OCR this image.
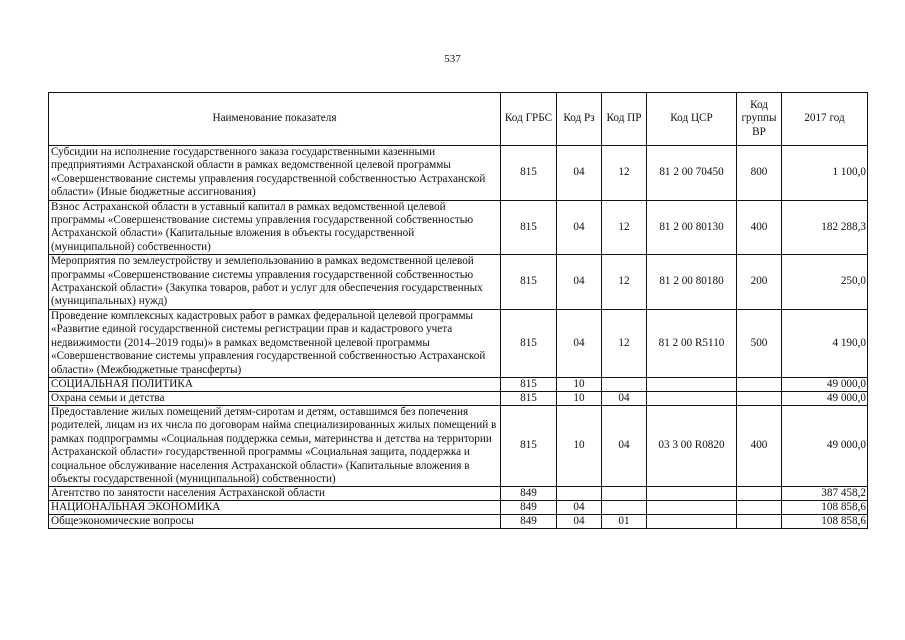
537
Наименование показателя	Код ГРБС	Код Рз	Код ПР	Код ЦСР	Код группы ВР	2017 год
Субсидии на исполнение государственного заказа государственными казенными предприятиями Астраханской области в рамках ведомственной целевой программы «Совершенствование системы управления государственной собственностью Астраханской области» (Иные бюджетные ассигнования)	815	04	12	81 2 00 70450	800	1 100,0
Взнос Астраханской области в уставный капитал в рамках ведомственной целевой программы «Совершенствование системы управления государственной собственностью Астраханской области» (Капитальные вложения в объекты государственной (муниципальной) собственности)	815	04	12	81 2 00 80130	400	182 288,3
Мероприятия по землеустройству и землепользованию в рамках ведомственной целевой программы «Совершенствование системы управления государственной собственностью Астраханской области» (Закупка товаров, работ и услуг для обеспечения государственных (муниципальных) нужд)	815	04	12	81 2 00 80180	200	250,0
Проведение комплексных кадастровых работ в рамках федеральной целевой программы «Развитие единой государственной системы регистрации прав и кадастрового учета недвижимости (2014–2019 годы)» в рамках ведомственной целевой программы «Совершенствование системы управления государственной собственностью Астраханской области» (Межбюджетные трансферты)	815	04	12	81 2 00 R5110	500	4 190,0
СОЦИАЛЬНАЯ ПОЛИТИКА	815	10				49 000,0
Охрана семьи и детства	815	10	04			49 000,0
Предоставление жилых помещений детям-сиротам и детям, оставшимся без попечения родителей, лицам из их числа по договорам найма специализированных жилых помещений в рамках подпрограммы «Социальная поддержка семьи, материнства и детства на территории Астраханской области» государственной программы «Социальная защита, поддержка и социальное обслуживание населения Астраханской области» (Капитальные вложения в объекты государственной (муниципальной) собственности)	815	10	04	03 3 00 R0820	400	49 000,0
Агентство по занятости населения Астраханской области	849					387 458,2
НАЦИОНАЛЬНАЯ ЭКОНОМИКА	849	04				108 858,6
Общеэкономические вопросы	849	04	01			108 858,6
